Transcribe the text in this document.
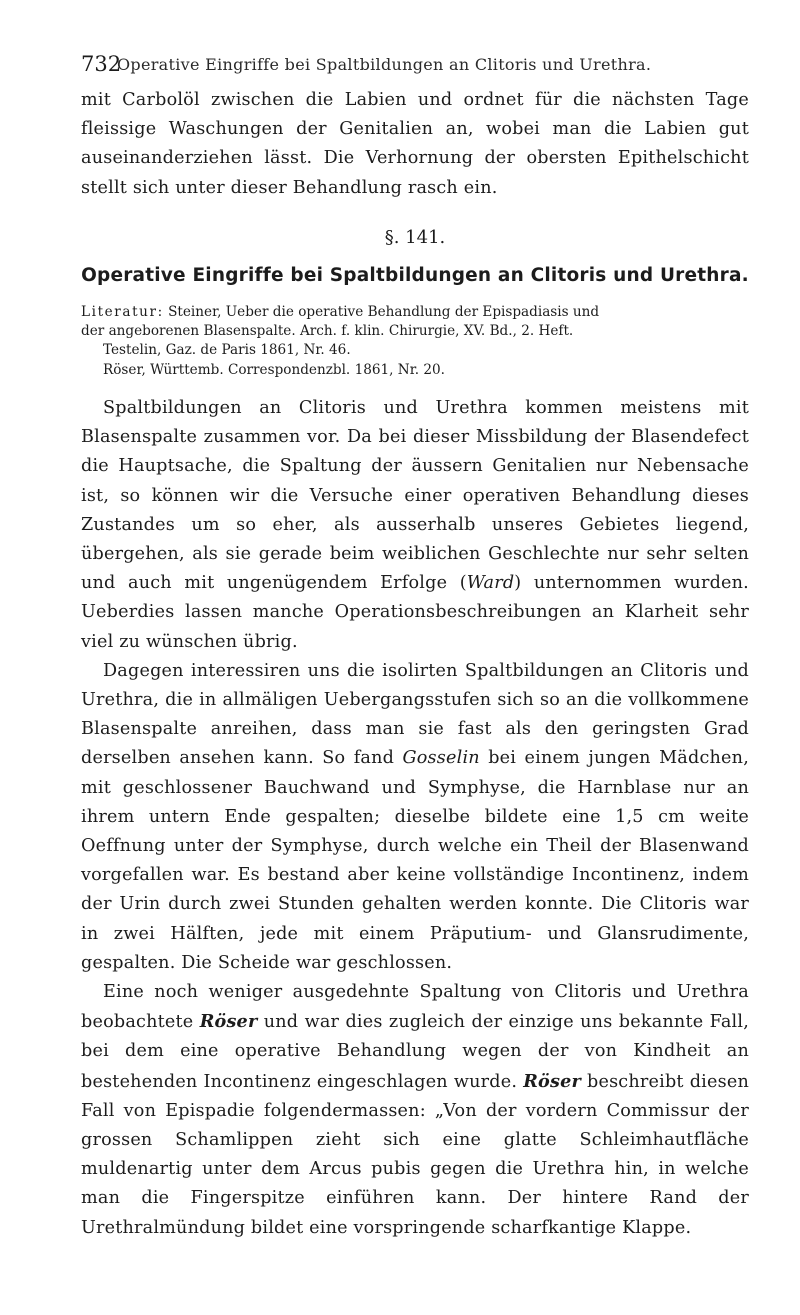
732
Operative Eingriffe bei Spaltbildungen an Clitoris und Urethra.

mit Carbolöl zwischen die Labien und ordnet für die nächsten Tage fleissige Waschungen der Genitalien an, wobei man die Labien gut auseinanderziehen lässt. Die Verhornung der obersten Epithelschicht stellt sich unter dieser Behandlung rasch ein.

§. 141.
Operative Eingriffe bei Spaltbildungen an Clitoris und Urethra.
Literatur: Steiner, Ueber die operative Behandlung der Epispadiasis und
der angeborenen Blasenspalte. Arch. f. klin. Chirurgie, XV. Bd., 2. Heft.
Testelin, Gaz. de Paris 1861, Nr. 46.
Röser, Württemb. Correspondenzbl. 1861, Nr. 20.

Spaltbildungen an Clitoris und Urethra kommen meistens mit Blasenspalte zusammen vor. Da bei dieser Missbildung der Blasendefect die Hauptsache, die Spaltung der äussern Genitalien nur Nebensache ist, so können wir die Versuche einer operativen Behandlung dieses Zustandes um so eher, als ausserhalb unseres Gebietes liegend, übergehen, als sie gerade beim weiblichen Geschlechte nur sehr selten und auch mit ungenügendem Erfolge (Ward) unternommen wurden. Ueberdies lassen manche Operationsbeschreibungen an Klarheit sehr viel zu wünschen übrig.

Dagegen interessiren uns die isolirten Spaltbildungen an Clitoris und Urethra, die in allmäligen Uebergangsstufen sich so an die vollkommene Blasenspalte anreihen, dass man sie fast als den geringsten Grad derselben ansehen kann. So fand Gosselin bei einem jungen Mädchen, mit geschlossener Bauchwand und Symphyse, die Harnblase nur an ihrem untern Ende gespalten; dieselbe bildete eine 1,5 cm weite Oeffnung unter der Symphyse, durch welche ein Theil der Blasenwand vorgefallen war. Es bestand aber keine vollständige Incontinenz, indem der Urin durch zwei Stunden gehalten werden konnte. Die Clitoris war in zwei Hälften, jede mit einem Präputium- und Glansrudimente, gespalten. Die Scheide war geschlossen.

Eine noch weniger ausgedehnte Spaltung von Clitoris und Urethra beobachtete Röser und war dies zugleich der einzige uns bekannte Fall, bei dem eine operative Behandlung wegen der von Kindheit an bestehenden Incontinenz eingeschlagen wurde. Röser beschreibt diesen Fall von Epispadie folgendermassen: „Von der vordern Commissur der grossen Schamlippen zieht sich eine glatte Schleimhautfläche muldenartig unter dem Arcus pubis gegen die Urethra hin, in welche man die Fingerspitze einführen kann. Der hintere Rand der Urethralmündung bildet eine vorspringende scharfkantige Klappe.
